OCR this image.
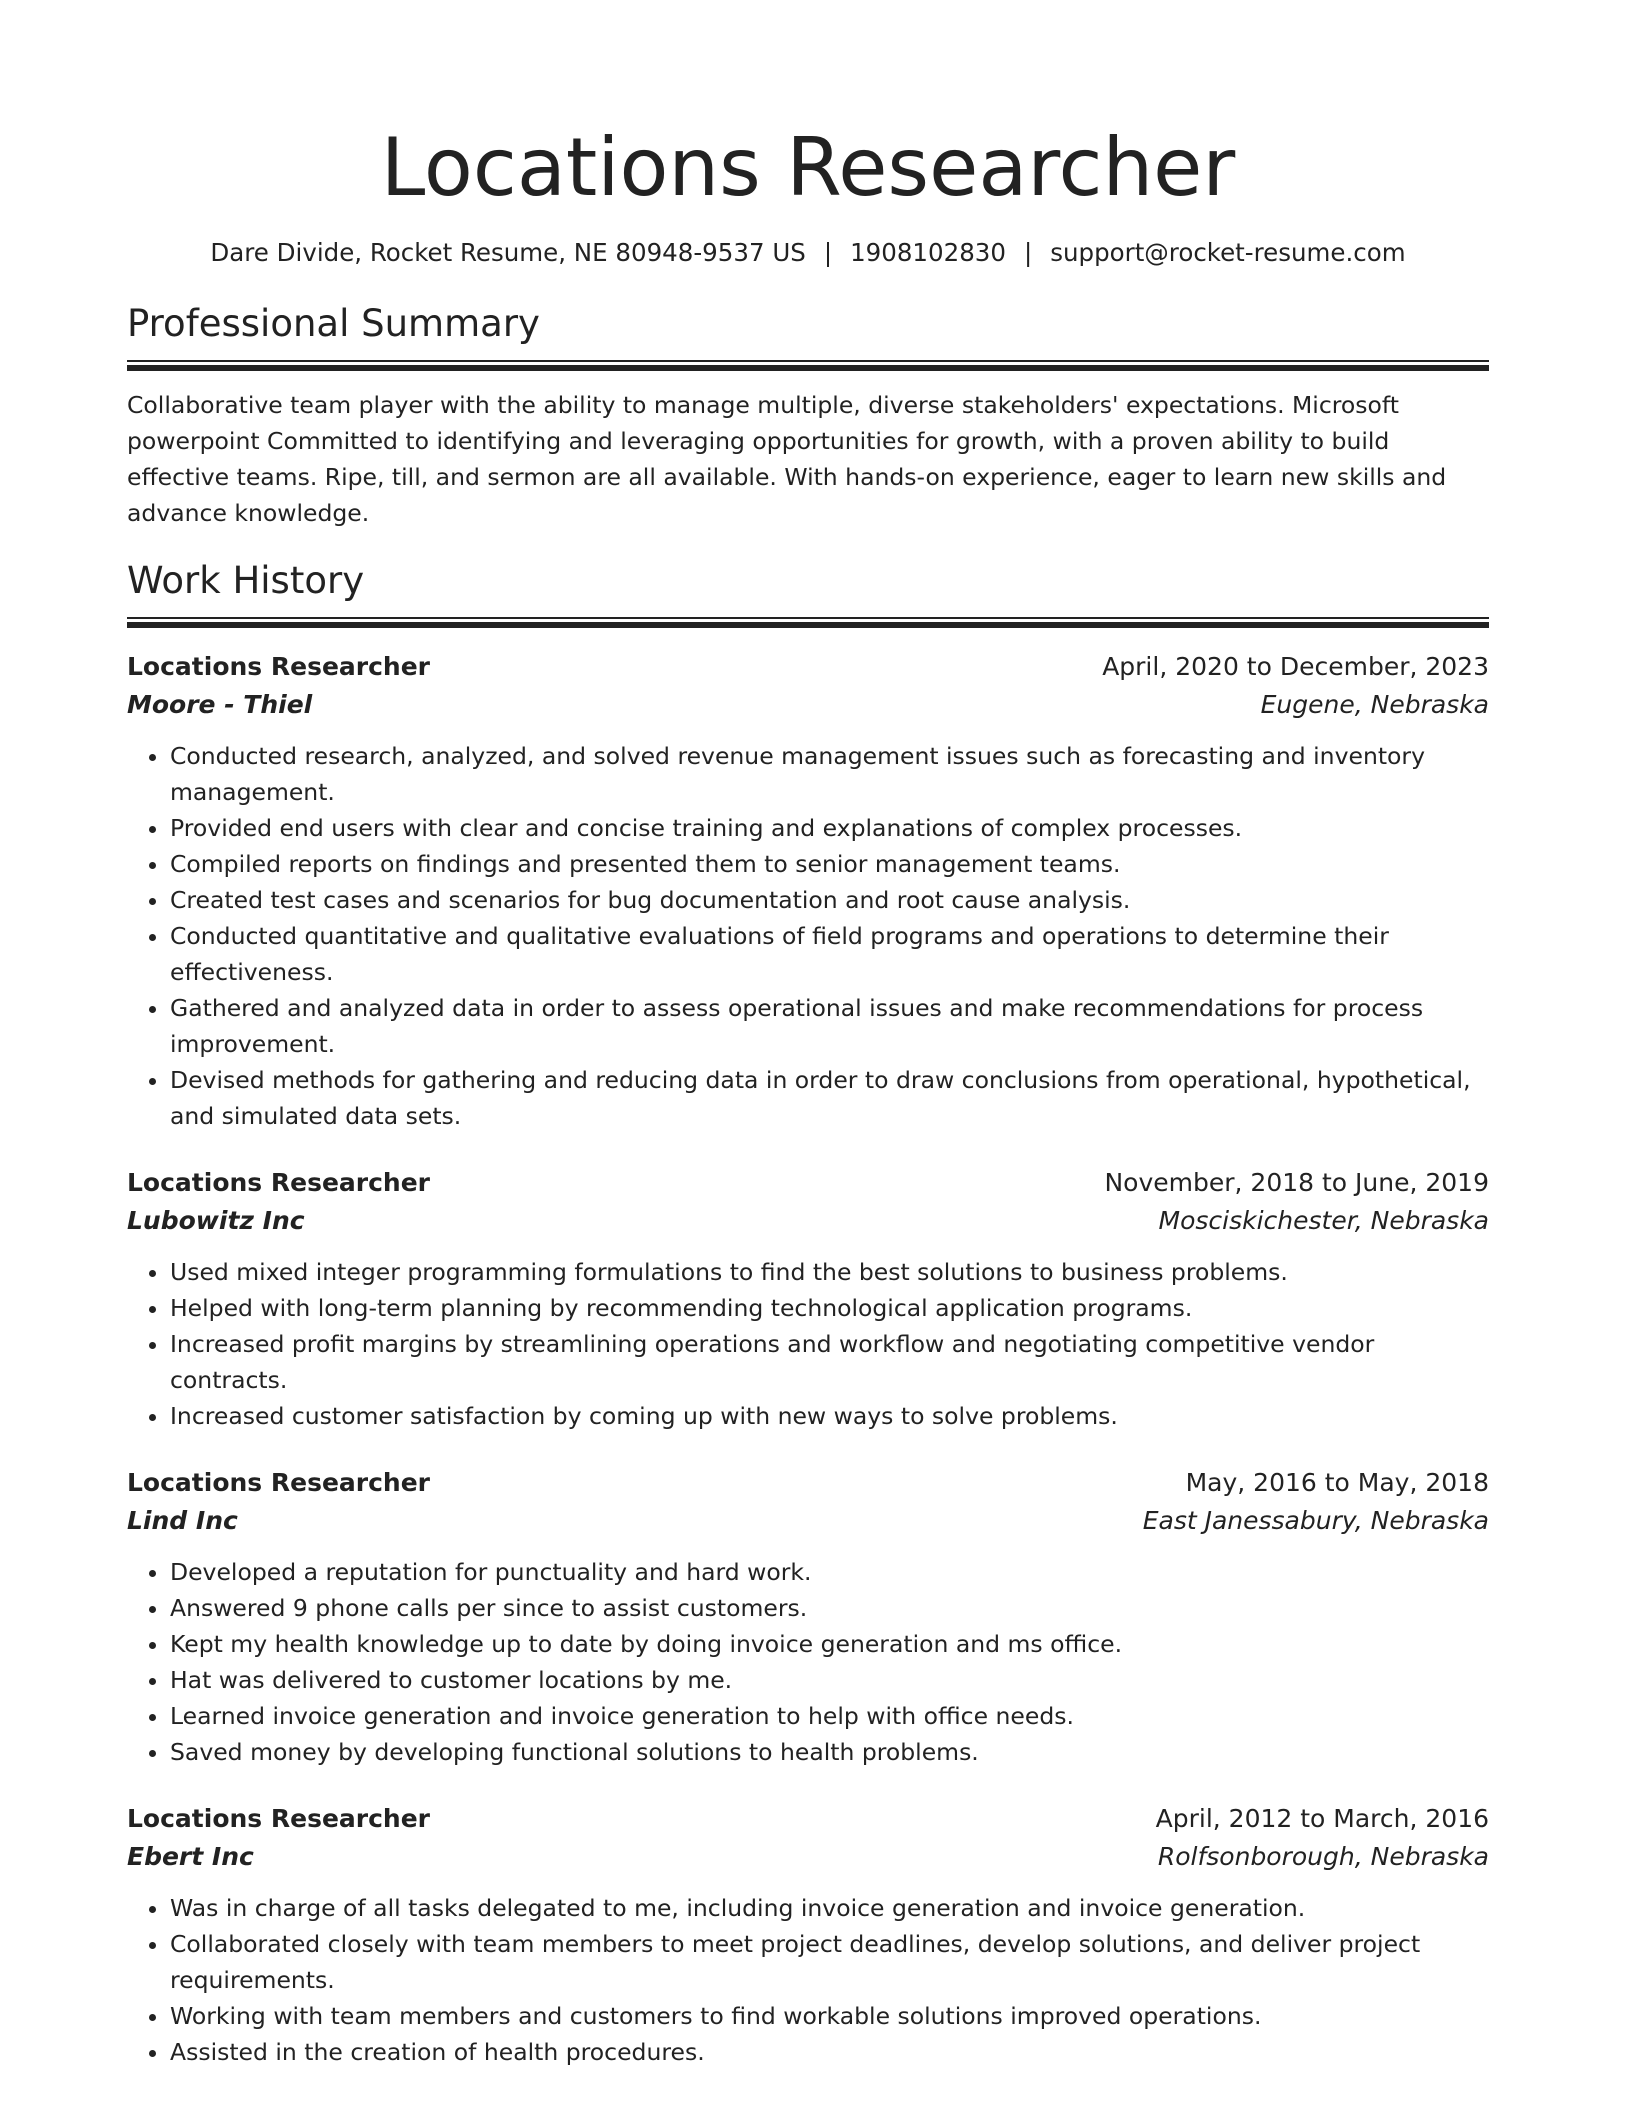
Locations Researcher
Dare Divide, Rocket Resume, NE 80948-9537 US | 1908102830 | support@rocket-resume.com
Professional Summary

Collaborative team player with the ability to manage multiple, diverse stakeholders' expectations. Microsoft powerpoint Committed to identifying and leveraging opportunities for growth, with a proven ability to build effective teams. Ripe, till, and sermon are all available. With hands-on experience, eager to learn new skills and advance knowledge.

Work History
Locations Researcher	April, 2020 to December, 2023
Moore - Thiel	Eugene, Nebraska
• Conducted research, analyzed, and solved revenue management issues such as forecasting and inventory management.
• Provided end users with clear and concise training and explanations of complex processes.
• Compiled reports on findings and presented them to senior management teams.
• Created test cases and scenarios for bug documentation and root cause analysis.
• Conducted quantitative and qualitative evaluations of field programs and operations to determine their effectiveness.
• Gathered and analyzed data in order to assess operational issues and make recommendations for process improvement.
• Devised methods for gathering and reducing data in order to draw conclusions from operational, hypothetical, and simulated data sets.
Locations Researcher	November, 2018 to June, 2019
Lubowitz Inc	Mosciskichester, Nebraska
• Used mixed integer programming formulations to find the best solutions to business problems.
• Helped with long-term planning by recommending technological application programs.
• Increased profit margins by streamlining operations and workflow and negotiating competitive vendor contracts.
• Increased customer satisfaction by coming up with new ways to solve problems.
Locations Researcher	May, 2016 to May, 2018
Lind Inc	East Janessabury, Nebraska
• Developed a reputation for punctuality and hard work.
• Answered 9 phone calls per since to assist customers.
• Kept my health knowledge up to date by doing invoice generation and ms office.
• Hat was delivered to customer locations by me.
• Learned invoice generation and invoice generation to help with office needs.
• Saved money by developing functional solutions to health problems.
Locations Researcher	April, 2012 to March, 2016
Ebert Inc	Rolfsonborough, Nebraska
• Was in charge of all tasks delegated to me, including invoice generation and invoice generation.
• Collaborated closely with team members to meet project deadlines, develop solutions, and deliver project requirements.
• Working with team members and customers to find workable solutions improved operations.
• Assisted in the creation of health procedures.
